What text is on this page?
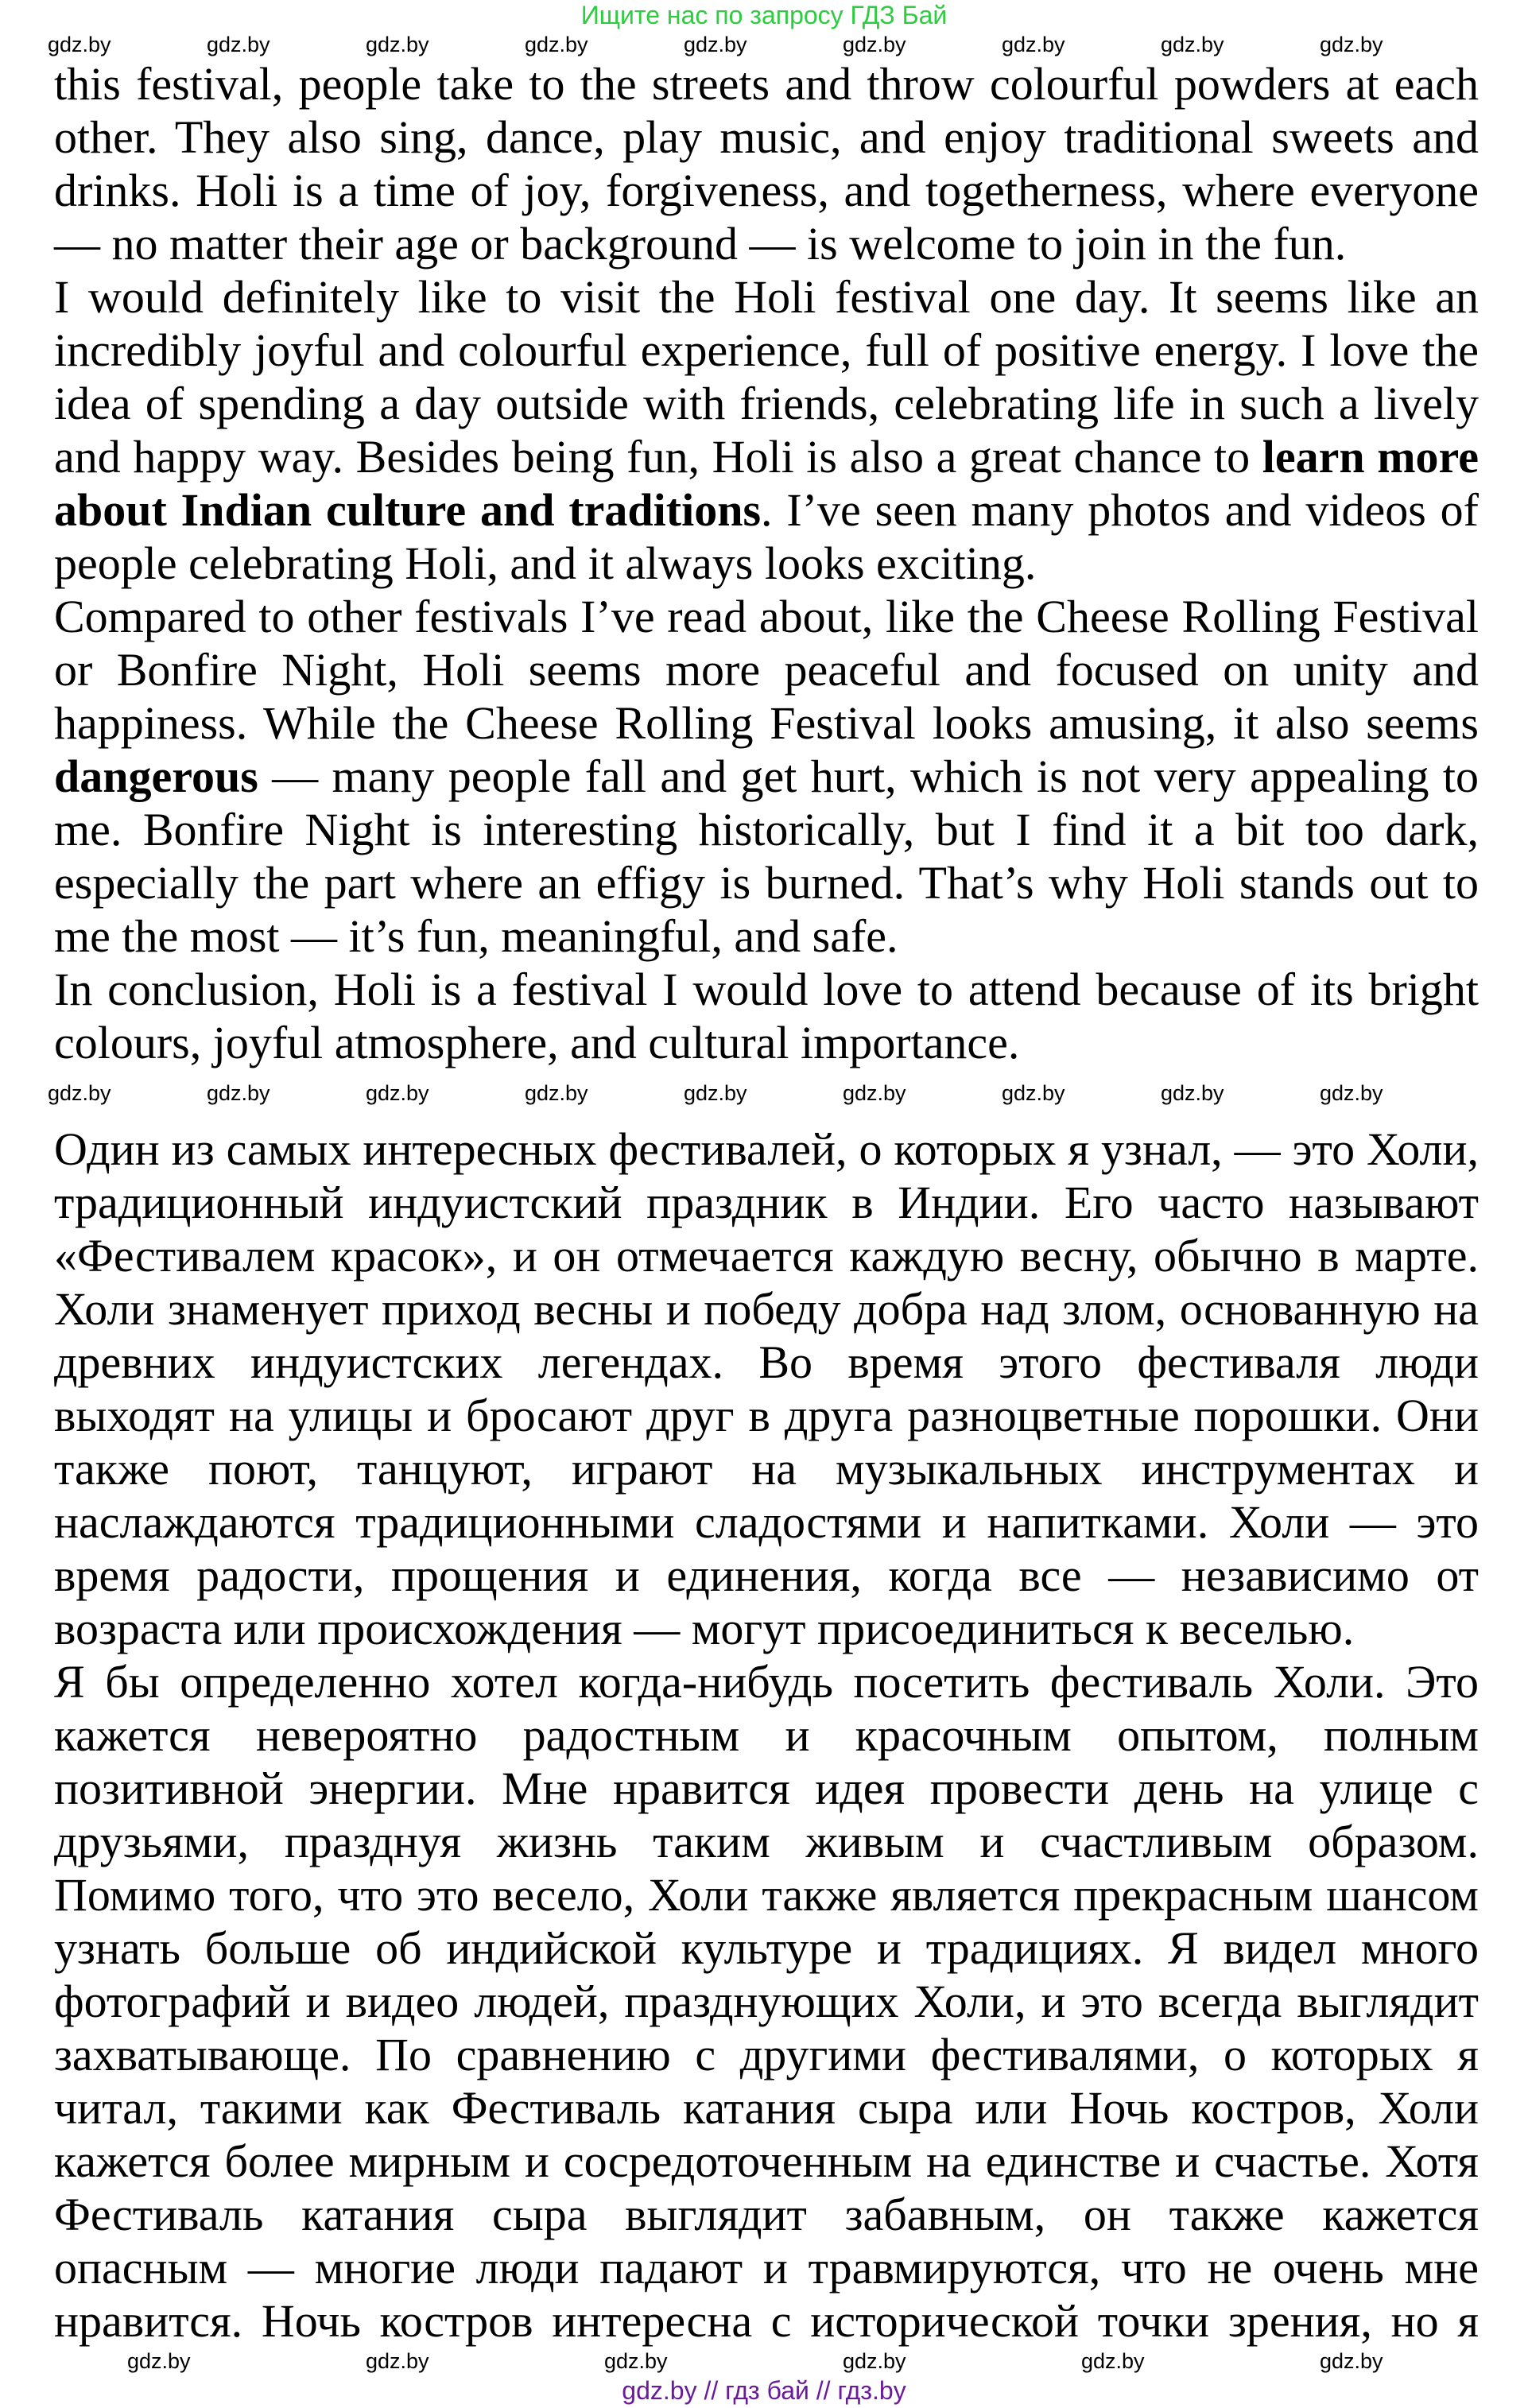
Ищите нас по запросу ГДЗ Бай
this festival, people take to the streets and throw colourful powders at each
other. They also sing, dance, play music, and enjoy traditional sweets and
drinks. Holi is a time of joy, forgiveness, and togetherness, where everyone
— no matter their age or background — is welcome to join in the fun.
I would definitely like to visit the Holi festival one day. It seems like an
incredibly joyful and colourful experience, full of positive energy. I love the
idea of spending a day outside with friends, celebrating life in such a lively
and happy way. Besides being fun, Holi is also a great chance to learn more
about Indian culture and traditions. I’ve seen many photos and videos of
people celebrating Holi, and it always looks exciting.
Compared to other festivals I’ve read about, like the Cheese Rolling Festival
or Bonfire Night, Holi seems more peaceful and focused on unity and
happiness. While the Cheese Rolling Festival looks amusing, it also seems
dangerous — many people fall and get hurt, which is not very appealing to
me. Bonfire Night is interesting historically, but I find it a bit too dark,
especially the part where an effigy is burned. That’s why Holi stands out to
me the most — it’s fun, meaningful, and safe.
In conclusion, Holi is a festival I would love to attend because of its bright
colours, joyful atmosphere, and cultural importance.
Один из самых интересных фестивалей, о которых я узнал, — это Холи,
традиционный индуистский праздник в Индии. Его часто называют
«Фестивалем красок», и он отмечается каждую весну, обычно в марте.
Холи знаменует приход весны и победу добра над злом, основанную на
древних индуистских легендах. Во время этого фестиваля люди
выходят на улицы и бросают друг в друга разноцветные порошки. Они
также поют, танцуют, играют на музыкальных инструментах и
наслаждаются традиционными сладостями и напитками. Холи — это
время радости, прощения и единения, когда все — независимо от
возраста или происхождения — могут присоединиться к веселью.
Я бы определенно хотел когда-нибудь посетить фестиваль Холи. Это
кажется невероятно радостным и красочным опытом, полным
позитивной энергии. Мне нравится идея провести день на улице с
друзьями, празднуя жизнь таким живым и счастливым образом.
Помимо того, что это весело, Холи также является прекрасным шансом
узнать больше об индийской культуре и традициях. Я видел много
фотографий и видео людей, празднующих Холи, и это всегда выглядит
захватывающе. По сравнению с другими фестивалями, о которых я
читал, такими как Фестиваль катания сыра или Ночь костров, Холи
кажется более мирным и сосредоточенным на единстве и счастье. Хотя
Фестиваль катания сыра выглядит забавным, он также кажется
опасным — многие люди падают и травмируются, что не очень мне
нравится. Ночь костров интересна с исторической точки зрения, но я
gdz.by	gdz.by	gdz.by	gdz.by	gdz.by	gdz.by	gdz.by	gdz.by	gdz.by
gdz.by	gdz.by	gdz.by	gdz.by	gdz.by	gdz.by	gdz.by	gdz.by	gdz.by
gdz.by	gdz.by	gdz.by	gdz.by	gdz.by	gdz.by
gdz.by // гдз бай // гдз.by
